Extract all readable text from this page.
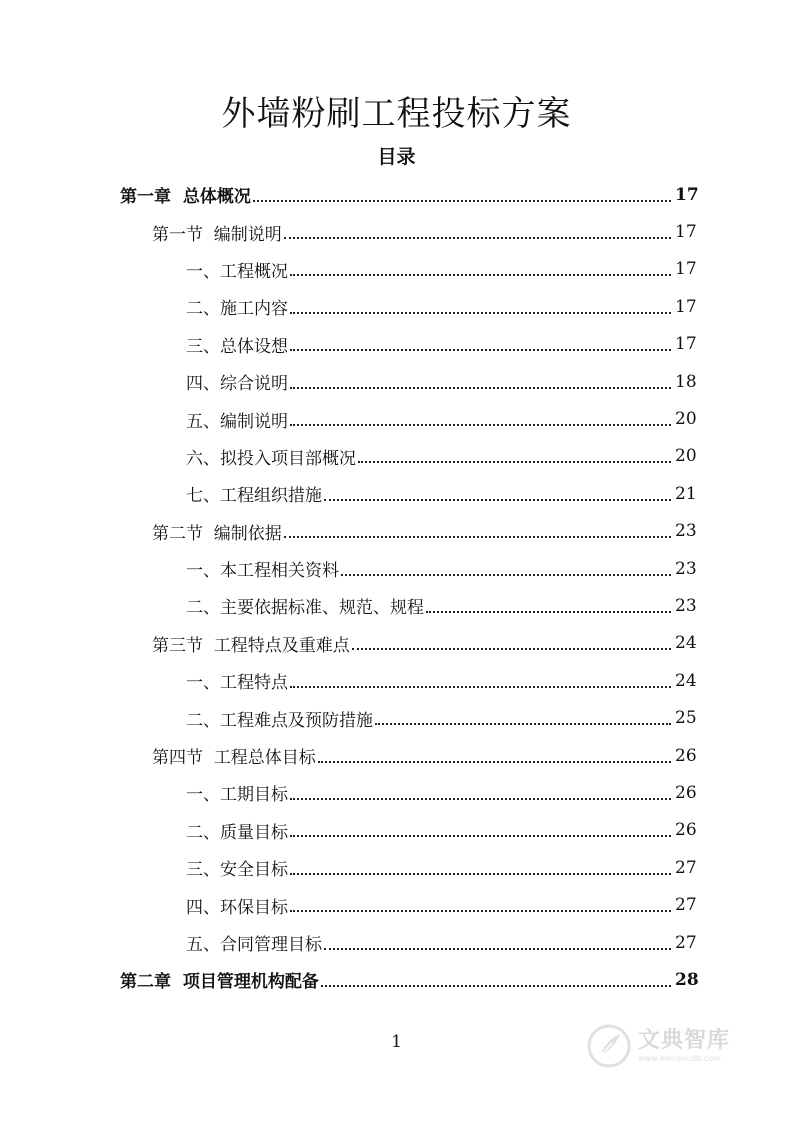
外墙粉刷工程投标方案
目录
第一章  总体概况	17
第一节  编制说明	17
一、工程概况	17
二、施工内容	17
三、总体设想	17
四、综合说明	18
五、编制说明	20
六、拟投入项目部概况	20
七、工程组织措施	21
第二节  编制依据	23
一、本工程相关资料	23
二、主要依据标准、规范、规程	23
第三节  工程特点及重难点	24
一、工程特点	24
二、工程难点及预防措施	25
第四节  工程总体目标	26
一、工期目标	26
二、质量目标	26
三、安全目标	27
四、环保目标	27
五、合同管理目标	27
第二章  项目管理机构配备	28
1	文典智库
www.wendoudb.com
